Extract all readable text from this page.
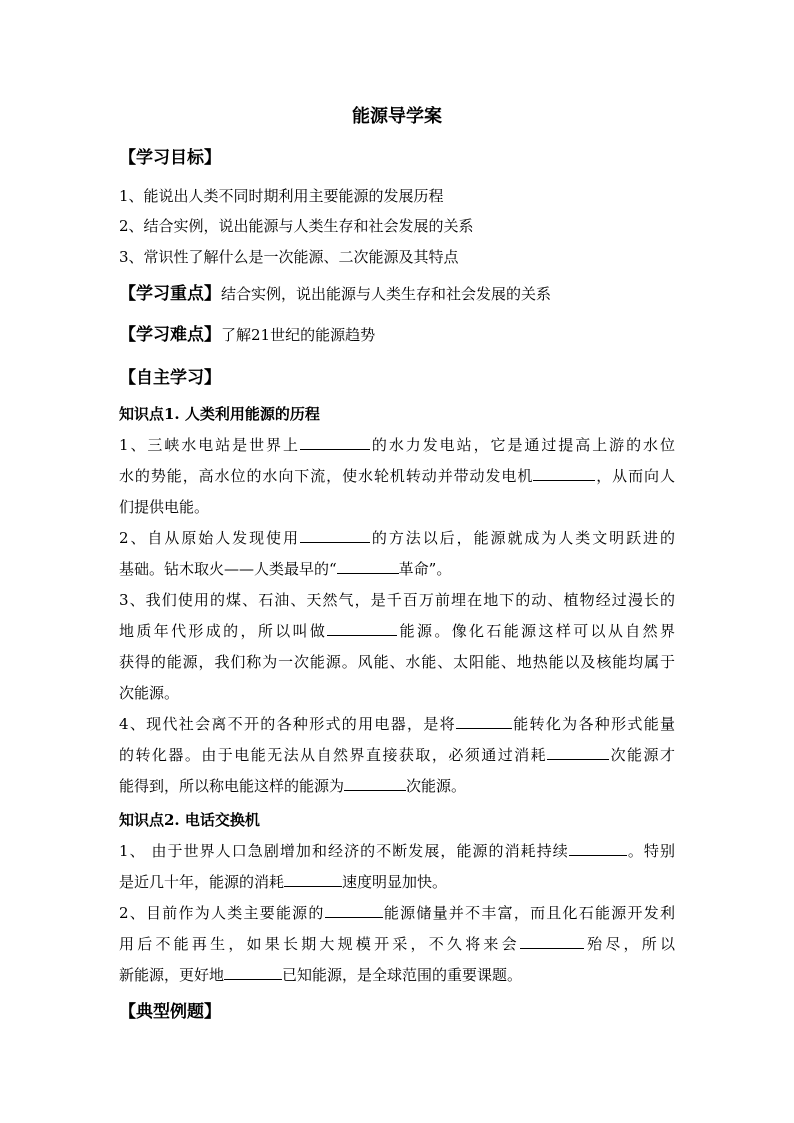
能源导学案
【学习目标】
1、能说出人类不同时期利用主要能源的发展历程
2、结合实例，说出能源与人类生存和社会发展的关系
3、常识性了解什么是一次能源、二次能源及其特点
【学习重点】结合实例，说出能源与人类生存和社会发展的关系
【学习难点】了解21世纪的能源趋势
【自主学习】
知识点1. 人类利用能源的历程
1、三峡水电站是世界上	的水力发电站，它是通过提高上游的水位
水的势能，高水位的水向下流，使水轮机转动并带动发电机	，从而向人
们提供电能。
2、自从原始人发现使用	的方法以后，能源就成为人类文明跃进的
基础。钻木取火——人类最早的“	革命”。
3、我们使用的煤、石油、天然气，是千百万前埋在地下的动、植物经过漫长的
地质年代形成的，所以叫做	能源。像化石能源这样可以从自然界
获得的能源，我们称为一次能源。风能、水能、太阳能、地热能以及核能均属于
次能源。
4、现代社会离不开的各种形式的用电器，是将	能转化为各种形式能量
的转化器。由于电能无法从自然界直接获取，必须通过消耗	次能源才
能得到，所以称电能这样的能源为	次能源。
知识点2. 电话交换机
1、 由于世界人口急剧增加和经济的不断发展，能源的消耗持续	。特别
是近几十年，能源的消耗	速度明显加快。
2、目前作为人类主要能源的	能源储量并不丰富，而且化石能源开发利
用后不能再生，如果长期大规模开采，不久将来会	殆尽，所以
新能源，更好地	已知能源，是全球范围的重要课题。
【典型例题】
